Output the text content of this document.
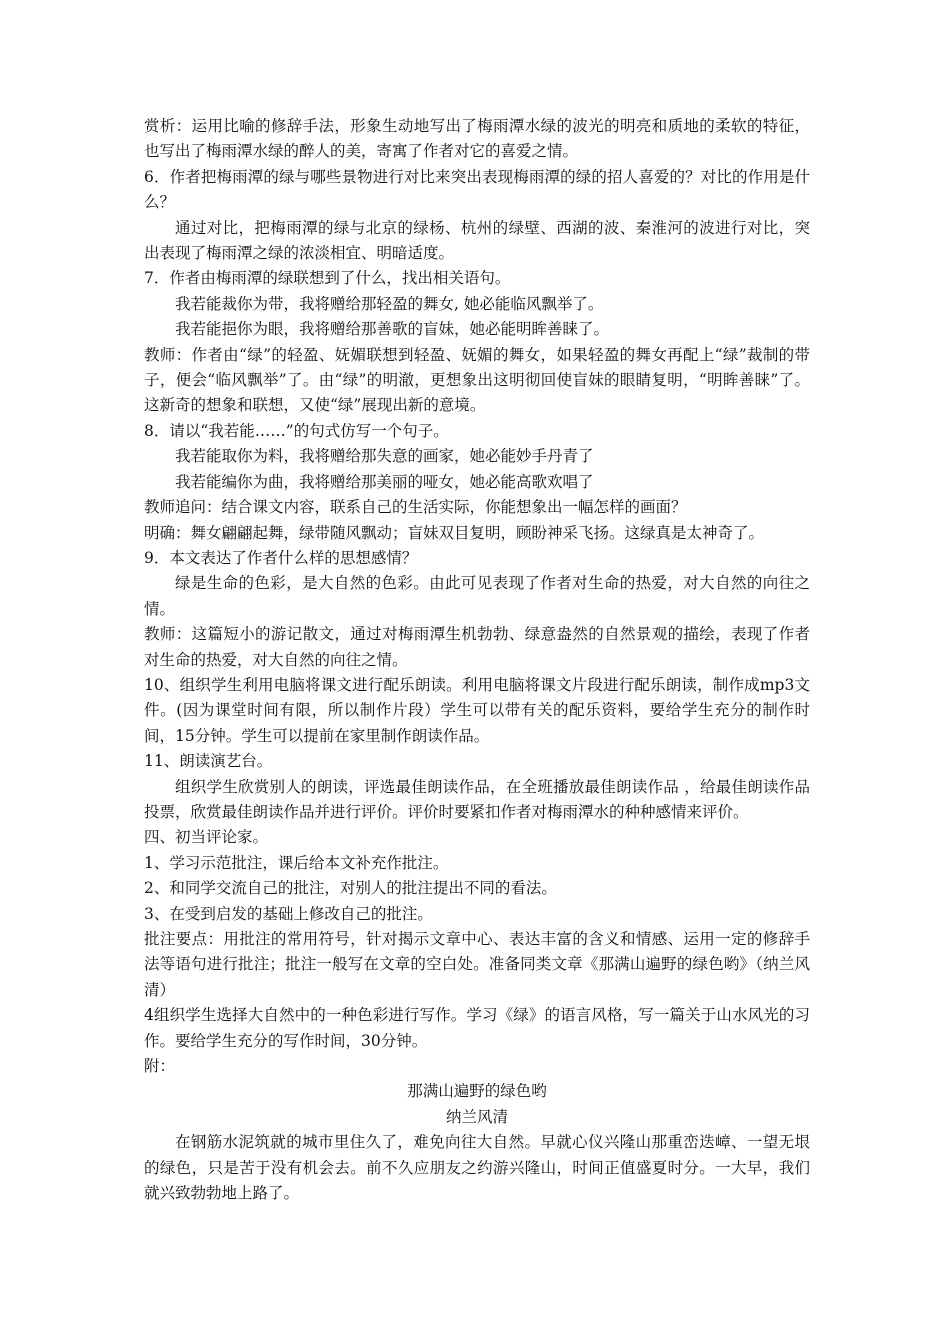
赏析：运用比喻的修辞手法，形象生动地写出了梅雨潭水绿的波光的明亮和质地的柔软的特征，也写出了梅雨潭水绿的醉人的美，寄寓了作者对它的喜爱之情。

6．作者把梅雨潭的绿与哪些景物进行对比来突出表现梅雨潭的绿的招人喜爱的？对比的作用是什么？

通过对比，把梅雨潭的绿与北京的绿杨、杭州的绿壁、西湖的波、秦淮河的波进行对比，突出表现了梅雨潭之绿的浓淡相宜、明暗适度。

7．作者由梅雨潭的绿联想到了什么，找出相关语句。

我若能裁你为带，我将赠给那轻盈的舞女, 她必能临风飘举了。

我若能挹你为眼，我将赠给那善歌的盲妹，她必能明眸善睐了。

教师：作者由“绿”的轻盈、妩媚联想到轻盈、妩媚的舞女，如果轻盈的舞女再配上“绿”裁制的带子，便会“临风飘举”了。由“绿”的明澈，更想象出这明彻回使盲妹的眼睛复明，“明眸善睐”了。这新奇的想象和联想，又使“绿”展现出新的意境。

8．请以“我若能……”的句式仿写一个句子。

我若能取你为料，我将赠给那失意的画家，她必能妙手丹青了

我若能编你为曲，我将赠给那美丽的哑女，她必能高歌欢唱了

教师追问：结合课文内容，联系自己的生活实际，你能想象出一幅怎样的画面？

明确：舞女翩翩起舞，绿带随风飘动；盲妹双目复明，顾盼神采飞扬。这绿真是太神奇了。

9．本文表达了作者什么样的思想感情？

绿是生命的色彩，是大自然的色彩。由此可见表现了作者对生命的热爱，对大自然的向往之情。

教师：这篇短小的游记散文，通过对梅雨潭生机勃勃、绿意盎然的自然景观的描绘，表现了作者对生命的热爱，对大自然的向往之情。

10、组织学生利用电脑将课文进行配乐朗读。利用电脑将课文片段进行配乐朗读，制作成mp3文件。(因为课堂时间有限，所以制作片段）学生可以带有关的配乐资料，要给学生充分的制作时间，15分钟。学生可以提前在家里制作朗读作品。

11、朗读演艺台。

组织学生欣赏别人的朗读，评选最佳朗读作品，在全班播放最佳朗读作品 ，给最佳朗读作品投票，欣赏最佳朗读作品并进行评价。评价时要紧扣作者对梅雨潭水的种种感情来评价。

四、初当评论家。

1、学习示范批注，课后给本文补充作批注。

2、和同学交流自己的批注，对别人的批注提出不同的看法。

3、在受到启发的基础上修改自己的批注。

批注要点：用批注的常用符号，针对揭示文章中心、表达丰富的含义和情感、运用一定的修辞手法等语句进行批注；批注一般写在文章的空白处。准备同类文章《那满山遍野的绿色哟》（纳兰风清）

4组织学生选择大自然中的一种色彩进行写作。学习《绿》的语言风格，写一篇关于山水风光的习作。要给学生充分的写作时间，30分钟。

附：

那满山遍野的绿色哟

纳兰风清

在钢筋水泥筑就的城市里住久了，难免向往大自然。早就心仪兴隆山那重峦迭嶂、一望无垠的绿色，只是苦于没有机会去。前不久应朋友之约游兴隆山，时间正值盛夏时分。一大早，我们就兴致勃勃地上路了。
